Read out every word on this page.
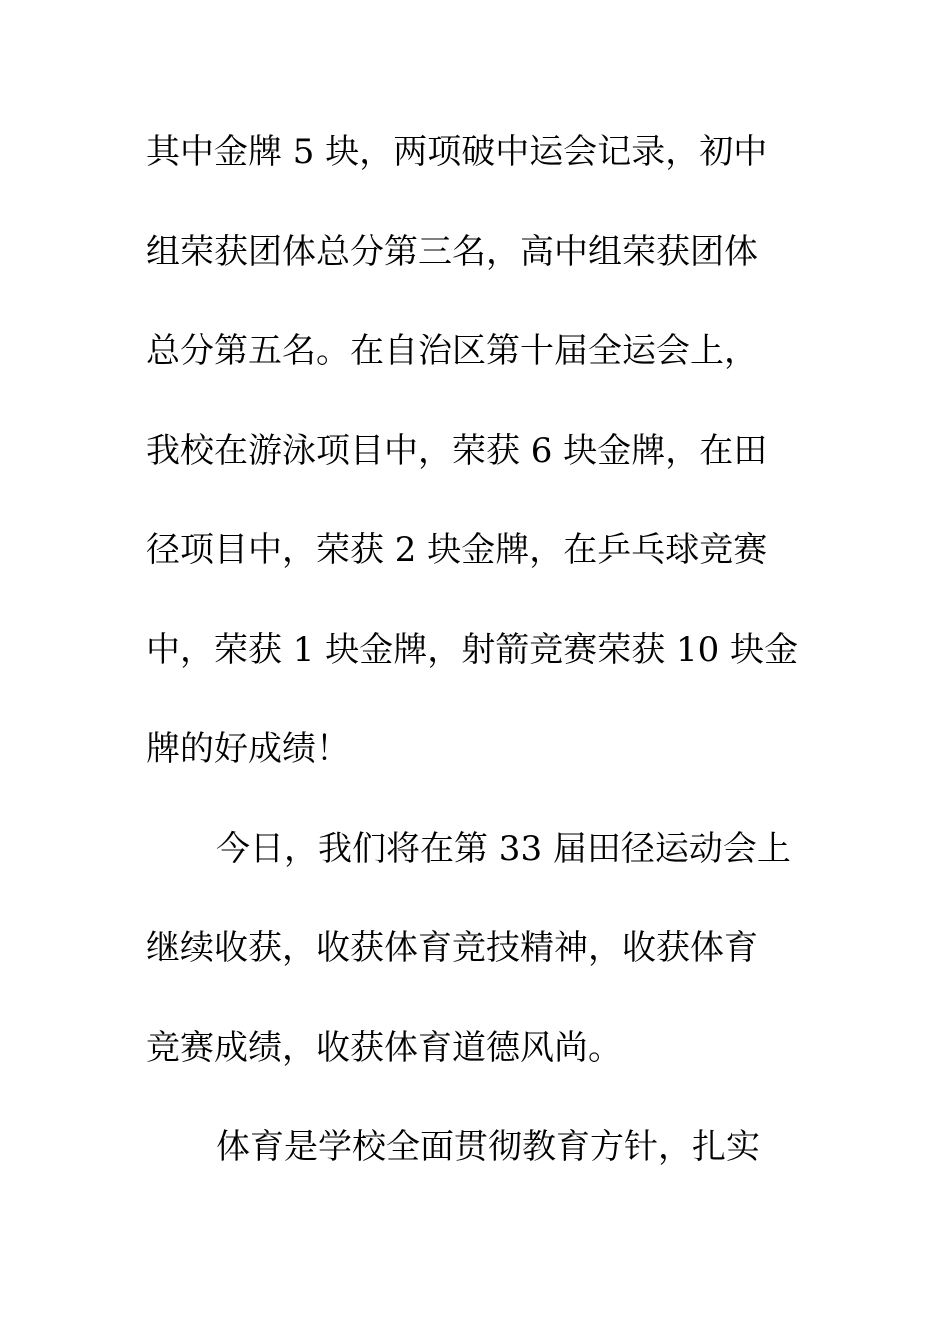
其中金牌 5 块，两项破中运会记录，初中
组荣获团体总分第三名，高中组荣获团体
总分第五名。在自治区第十届全运会上，
我校在游泳项目中，荣获 6 块金牌，在田
径项目中，荣获 2 块金牌，在乒乓球竞赛
中，荣获 1 块金牌，射箭竞赛荣获 10 块金
牌的好成绩！
今日，我们将在第 33 届田径运动会上
继续收获，收获体育竞技精神，收获体育
竞赛成绩，收获体育道德风尚。
体育是学校全面贯彻教育方针，扎实
